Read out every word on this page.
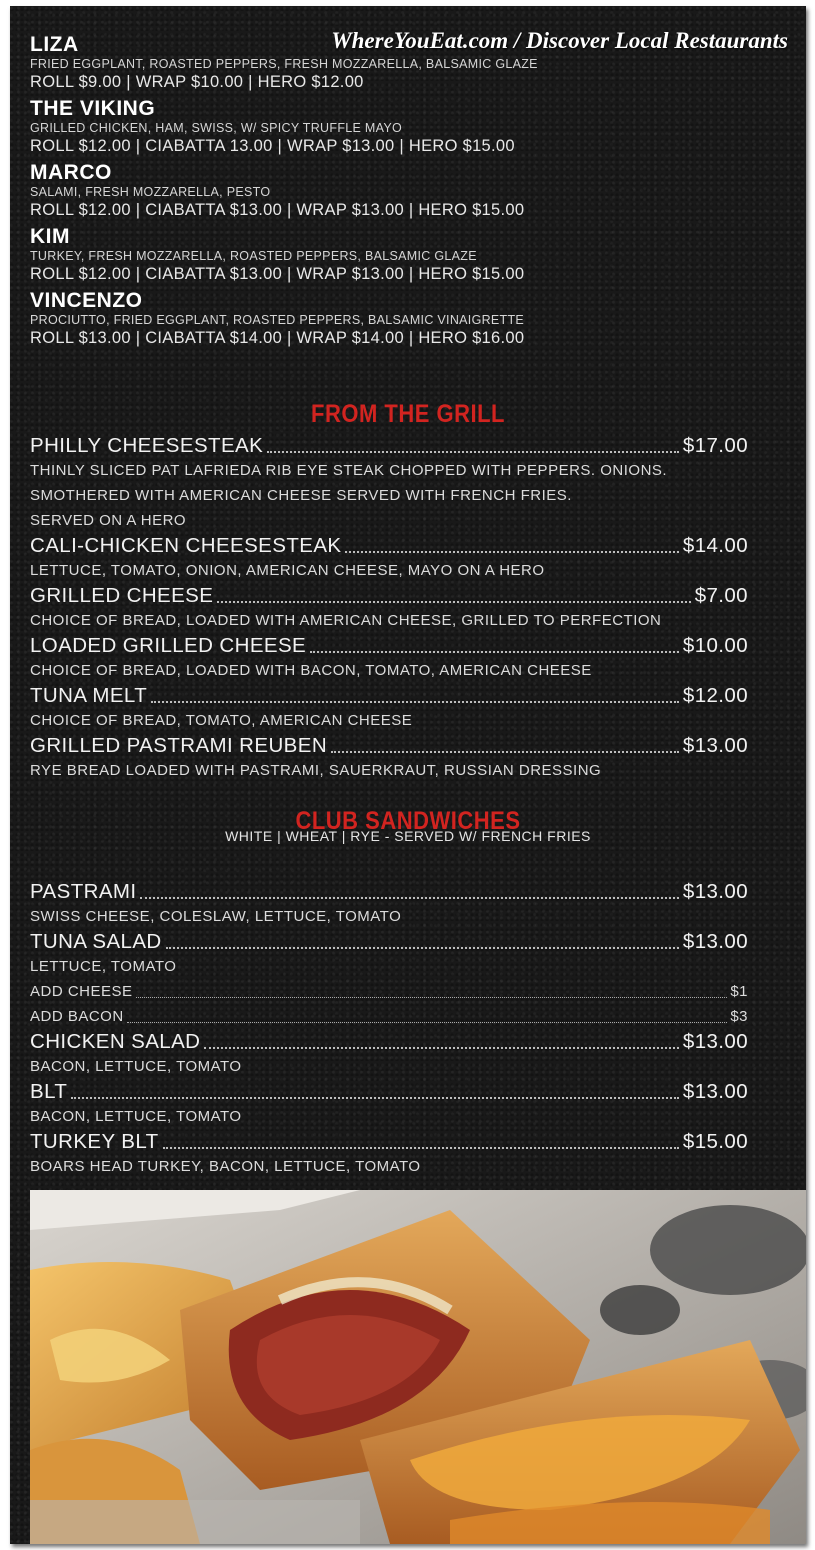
WhereYouEat.com / Discover Local Restaurants
LIZA
FRIED EGGPLANT, ROASTED PEPPERS, FRESH MOZZARELLA, BALSAMIC GLAZE
ROLL $9.00 | WRAP $10.00 | HERO $12.00
THE VIKING
GRILLED CHICKEN, HAM, SWISS, W/ SPICY TRUFFLE MAYO
ROLL $12.00 | CIABATTA 13.00 | WRAP $13.00 | HERO $15.00
MARCO
SALAMI, FRESH MOZZARELLA, PESTO
ROLL $12.00 | CIABATTA $13.00 | WRAP $13.00 | HERO $15.00
KIM
TURKEY, FRESH MOZZARELLA, ROASTED PEPPERS, BALSAMIC GLAZE
ROLL $12.00 | CIABATTA $13.00 | WRAP $13.00 | HERO $15.00
VINCENZO
PROCIUTTO, FRIED EGGPLANT, ROASTED PEPPERS, BALSAMIC VINAIGRETTE
ROLL $13.00 | CIABATTA $14.00 | WRAP $14.00 | HERO $16.00
FROM THE GRILL
PHILLY CHEESESTEAK	$17.00
THINLY SLICED PAT LAFRIEDA RIB EYE STEAK CHOPPED WITH PEPPERS. ONIONS.
SMOTHERED WITH AMERICAN CHEESE SERVED WITH FRENCH FRIES.
SERVED ON A HERO
CALI-CHICKEN CHEESESTEAK	$14.00
LETTUCE, TOMATO, ONION, AMERICAN CHEESE, MAYO ON A HERO
GRILLED CHEESE	$7.00
CHOICE OF BREAD, LOADED WITH AMERICAN CHEESE, GRILLED TO PERFECTION
LOADED GRILLED CHEESE	$10.00
CHOICE OF BREAD, LOADED WITH BACON, TOMATO, AMERICAN CHEESE
TUNA MELT	$12.00
CHOICE OF BREAD, TOMATO, AMERICAN CHEESE
GRILLED PASTRAMI REUBEN	$13.00
RYE BREAD LOADED WITH PASTRAMI, SAUERKRAUT, RUSSIAN DRESSING
CLUB SANDWICHES
WHITE | WHEAT | RYE - SERVED W/ FRENCH FRIES
PASTRAMI	$13.00
SWISS CHEESE, COLESLAW, LETTUCE, TOMATO
TUNA SALAD	$13.00
LETTUCE, TOMATO
ADD CHEESE	$1
ADD BACON	$3
CHICKEN SALAD	$13.00
BACON, LETTUCE, TOMATO
BLT	$13.00
BACON, LETTUCE, TOMATO
TURKEY BLT	$15.00
BOARS HEAD TURKEY, BACON, LETTUCE, TOMATO
